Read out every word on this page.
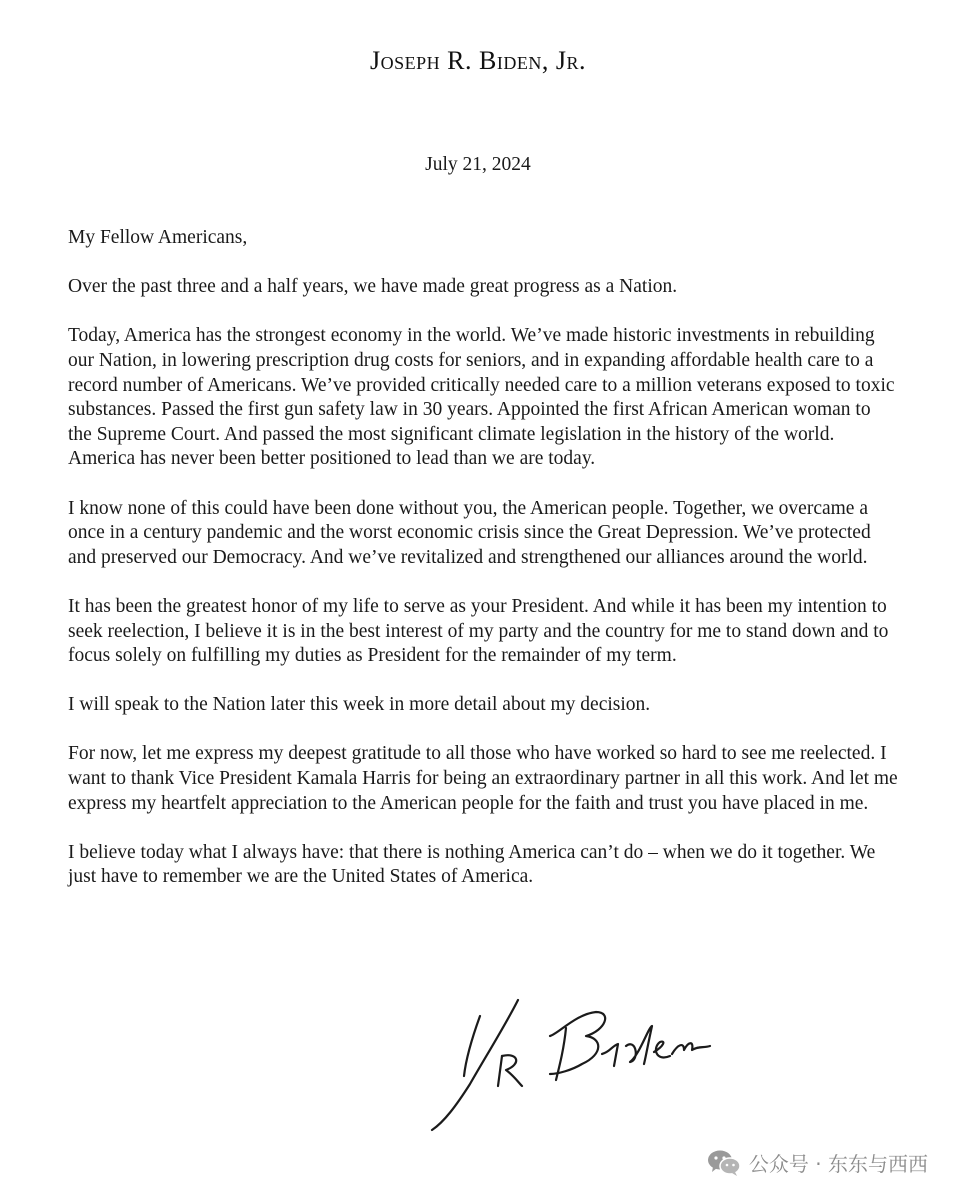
Joseph R. Biden, Jr.
July 21, 2024

My Fellow Americans,

Over the past three and a half years, we have made great progress as a Nation.

Today, America has the strongest economy in the world. We’ve made historic investments in rebuilding our Nation, in lowering prescription drug costs for seniors, and in expanding affordable health care to a record number of Americans. We’ve provided critically needed care to a million veterans exposed to toxic substances. Passed the first gun safety law in 30 years. Appointed the first African American woman to the Supreme Court. And passed the most significant climate legislation in the history of the world. America has never been better positioned to lead than we are today.

I know none of this could have been done without you, the American people. Together, we overcame a once in a century pandemic and the worst economic crisis since the Great Depression. We’ve protected and preserved our Democracy. And we’ve revitalized and strengthened our alliances around the world.

It has been the greatest honor of my life to serve as your President. And while it has been my intention to seek reelection, I believe it is in the best interest of my party and the country for me to stand down and to focus solely on fulfilling my duties as President for the remainder of my term.

I will speak to the Nation later this week in more detail about my decision.

For now, let me express my deepest gratitude to all those who have worked so hard to see me reelected. I want to thank Vice President Kamala Harris for being an extraordinary partner in all this work. And let me express my heartfelt appreciation to the American people for the faith and trust you have placed in me.

I believe today what I always have: that there is nothing America can’t do – when we do it together. We just have to remember we are the United States of America.

公众号 · 东东与西西
